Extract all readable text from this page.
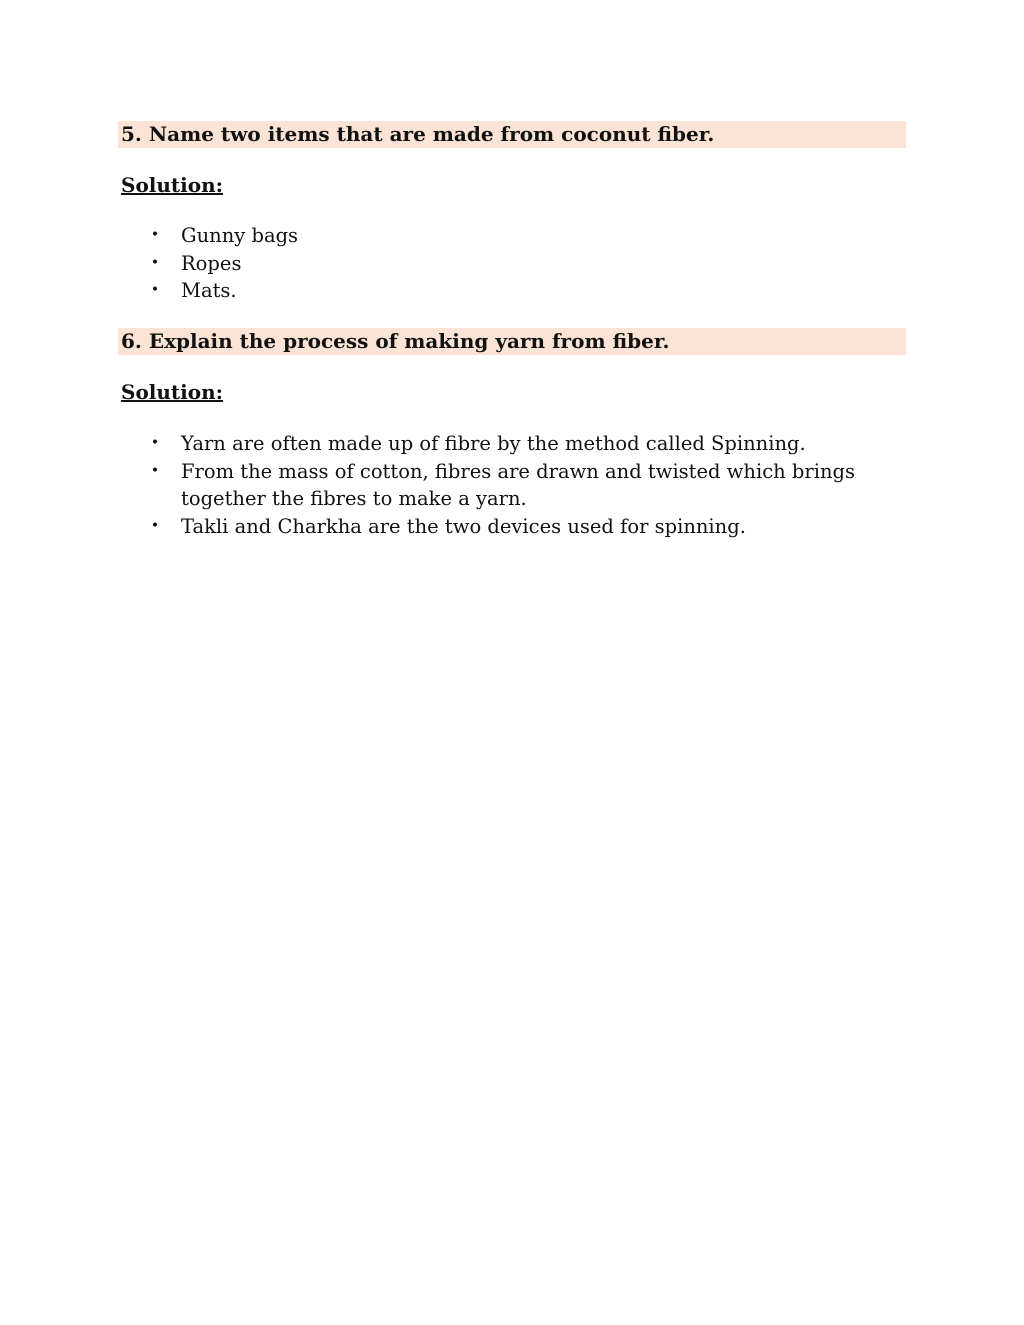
5. Name two items that are made from coconut fiber.
Solution:
• Gunny bags
• Ropes
• Mats.
6. Explain the process of making yarn from fiber.
Solution:
• Yarn are often made up of fibre by the method called Spinning.
• From the mass of cotton, fibres are drawn and twisted which brings together the fibres to make a yarn.
• Takli and Charkha are the two devices used for spinning.
